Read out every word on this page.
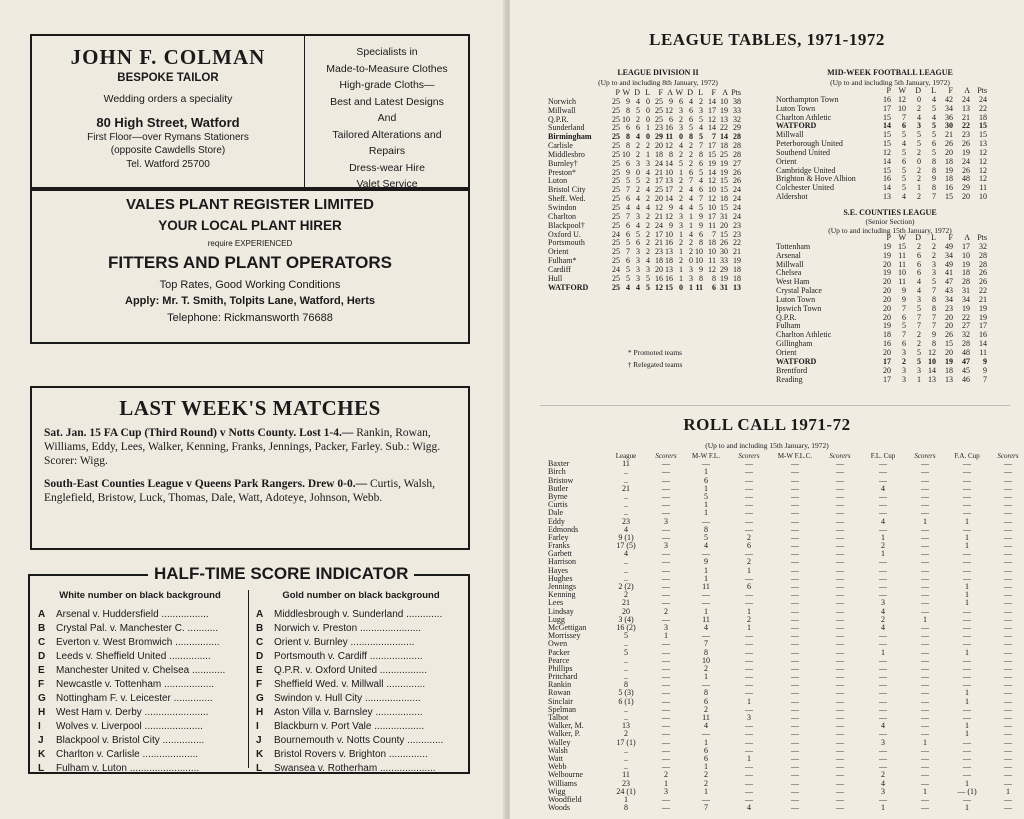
JOHN F. COLMAN
BESPOKE TAILOR
Wedding orders a speciality
80 High Street, Watford
First Floor—over Rymans Stationers
(opposite Cawdells Store)
Tel. Watford 25700
Specialists in
Made-to-Measure Clothes
High-grade Cloths—
Best and Latest Designs
And
Tailored Alterations and
Repairs
Dress-wear Hire
Valet Service
VALES PLANT REGISTER LIMITED
YOUR LOCAL PLANT HIRER
require EXPERIENCED
FITTERS AND PLANT OPERATORS
Top Rates, Good Working Conditions
Apply: Mr. T. Smith, Tolpits Lane, Watford, Herts
Telephone: Rickmansworth 76688
LAST WEEK'S MATCHES
Sat. Jan. 15 FA Cup (Third Round) v Notts County. Lost 1-4.— Rankin, Rowan, Williams, Eddy, Lees, Walker, Kenning, Franks, Jennings, Packer, Farley. Sub.: Wigg. Scorer: Wigg.
South-East Counties League v Queens Park Rangers. Drew 0-0.— Curtis, Walsh, Englefield, Bristow, Luck, Thomas, Dale, Watt, Adoteye, Johnson, Webb.
HALF-TIME SCORE INDICATOR
White number on black background
A	Arsenal v. Huddersfield .................
B	Crystal Pal. v. Manchester C. ...........
C	Everton v. West Bromwich ................
D	Leeds v. Sheffield United ...............
E	Manchester United v. Chelsea ............
F	Newcastle v. Tottenham ..................
G	Nottingham F. v. Leicester ..............
H	West Ham v. Derby .......................
I	Wolves v. Liverpool .....................
J	Blackpool v. Bristol City ...............
K	Charlton v. Carlisle ....................
L	Fulham v. Luton .........................
Gold number on black background
A	Middlesbrough v. Sunderland .............
B	Norwich v. Preston ......................
C	Orient v. Burnley .......................
D	Portsmouth v. Cardiff ...................
E	Q.P.R. v. Oxford United .................
F	Sheffield Wed. v. Millwall ..............
G	Swindon v. Hull City ....................
H	Aston Villa v. Barnsley .................
I	Blackburn v. Port Vale ..................
J	Bournemouth v. Notts County .............
K	Bristol Rovers v. Brighton ..............
L	Swansea v. Rotherham ....................
LEAGUE TABLES, 1971-1972
LEAGUE DIVISION II
(Up to and including 8th January, 1972)
P W D L	F A W D L	F A Pts
Norwich	25 9 4 0 25 9 6 4 2 14 10 38
Millwall	25 8 5 0 25 12 3 6 3 17 19 33
Q.P.R.	25 10 2 0 25 6 2 6 5 12 13 32
Sunderland	25 6 6 1 23 16 3 5 4 14 22 29
Birmingham	25 8 4 0 29 11 0 8 5	7 14 28
Carlisle	25 8 2 2 20 12 4 2 7 17 18 28
Middlesbro	25 10 2 1 18 8 2 2 8 15 25 28
Burnley†	25 6 3 3 24 14 5 2 6 19 19 27
Preston*	25 9 0 4 21 10 1 6 5 14 19 26
Luton	25 5 5 2 17 13 2 7 4 12 15 26
Bristol City	25 7 2 4 25 17 2 4 6 10 15 24
Sheff. Wed.	25 6 4 2 20 14 2 4 7 12 18 24
Swindon	25 4 4 4 12 9 4 4 5 10 15 24
Charlton	25 7 3 2 21 12 3 1 9 17 31 24
Blackpool†	25 6 4 2 24 9 3 1 9 11 20 23
Oxford U.	24 6 5 2 17 10 1 4 6	7 15 23
Portsmouth	25 5 6 2 21 16 2 2 8 18 26 22
Orient	25 7 3 2 23 13 1 2 10 10 30 21
Fulham*	25 6 3 4 18 18 2 0 10 11 33 19
Cardiff	24 5 3 3 20 13 1 3 9 12 29 18
Hull	25 5 3 5 16 16 1 3 8	8 19 18
WATFORD	25 4 4 5 12 15 0 1 11	6 31 13
* Promoted teams
† Relegated teams
MID-WEEK FOOTBALL LEAGUE
(Up to and including 5th January, 1972)
P W	D	L	F	A Pts
Northampton Town	16 12	0	4	42	24	24
Luton Town	17 10	2	5	34	13	22
Charlton Athletic	15	7	4	4	36	21	18
WATFORD	14	6	3	5	30	22	15
Millwall	15	5	5	5	21	23	15
Peterborough United	15	4	5	6	26	26	13
Southend United	12	5	2	5	20	19	12
Orient	14	6	0	8	18	24	12
Cambridge United	15	5	2	8	19	26	12
Brighton & Hove Albion	16	5	2	9	18	48	12
Colchester United	14	5	1	8	16	29	11
Aldershot	13	4	2	7	15	20	10
S.E. COUNTIES LEAGUE
(Senior Section)
(Up to and including 15th January, 1972)
P W	D	L	F	A Pts
Tottenham	19 15	2	2	49	17	32
Arsenal	19 11	6	2	34	10	28
Millwall	20 11	6	3	49	19	28
Chelsea	19 10	6	3	41	18	26
West Ham	20 11	4	5	47	28	26
Crystal Palace	20	9	4	7	43	31	22
Luton Town	20	9	3	8	34	34	21
Ipswich Town	20	7	5	8	23	19	19
Q.P.R.	20	6	7	7	20	22	19
Fulham	19	5	7	7	20	27	17
Charlton Athletic	18	7	2	9	26	32	16
Gillingham	16	6	2	8	15	28	14
Orient	20	3	5 12	20	48	11
WATFORD	17	2	5 10	19	47	9
Brentford	20	3	3 14	18	45	9
Reading	17	3	1 13	13	46	7
ROLL CALL 1971-72
(Up to and including 15th January, 1972)
League	Scorers	M-W F.L.	Scorers	M-W F.L.C.	Scorers	F.L. Cup	Scorers	F.A. Cup	Scorers
Baxter	11	—	—	—	—	—	—	—	—	—
Birch	..	—	1	—	—	—	—	—	—	—
Bristow	..	—	6	—	—	—	—	—	—	—
Butler	21	—	1	—	—	—	4	—	—	—
Byrne	..	—	5	—	—	—	—	—	—	—
Curtis	..	—	1	—	—	—	—	—	—	—
Dale	..	—	1	—	—	—	—	—	—	—
Eddy	23	3	—	—	—	—	4	1	1	—
Edmonds	4	—	8	—	—	—	—	—	—	—
Farley	9 (1)	—	5	2	—	—	1	—	1	—
Franks	17 (5)	3	4	6	—	—	2	—	1	—
Garbett	4	—	—	—	—	—	1	—	—	—
Harrison	..	—	9	2	—	—	—	—	—	—
Hayes	..	—	1	1	—	—	—	—	—	—
Hughes	..	—	1	—	—	—	—	—	—	—
Jennings	2 (2)	—	11	6	—	—	—	—	1	—
Kenning	2	—	—	—	—	—	—	—	1	—
Lees	21	—	—	—	—	—	3	—	1	—
Lindsay	20	2	1	1	—	—	4	—	—	—
Lugg	3 (4)	—	11	2	—	—	2	1	—	—
McGettigan	16 (2)	3	4	1	—	—	4	—	—	—
Morrissey	5	1	—	—	—	—	—	—	—	—
Owen	..	—	7	—	—	—	—	—	—	—
Packer	5	—	8	—	—	—	1	—	1	—
Pearce	..	—	10	—	—	—	—	—	—	—
Phillips	..	—	2	—	—	—	—	—	—	—
Pritchard	..	—	1	—	—	—	—	—	—	—
Rankin	8	—	—	—	—	—	—	—	—	—
Rowan	5 (3)	—	8	—	—	—	—	—	1	—
Sinclair	6 (1)	—	6	1	—	—	—	—	1	—
Spelman	..	—	2	—	—	—	—	—	—	—
Talbot	..	—	11	3	—	—	—	—	—	—
Walker, M.	13	—	4	—	—	—	4	—	1	—
Walker, P.	2	—	—	—	—	—	—	—	1	—
Walley	17 (1)	—	1	—	—	—	3	1	—	—
Walsh	..	—	6	—	—	—	—	—	—	—
Watt	..	—	6	1	—	—	—	—	—	—
Webb	..	—	1	—	—	—	—	—	—	—
Welbourne	11	2	2	—	—	—	2	—	—	—
Williams	23	1	2	—	—	—	4	—	1	—
Wigg	24 (1)	3	1	—	—	—	3	1	— (1)	1
Woodfield	1	—	—	—	—	—	—	—	—	—
Woods	8	—	7	4	—	—	1	—	1	—
